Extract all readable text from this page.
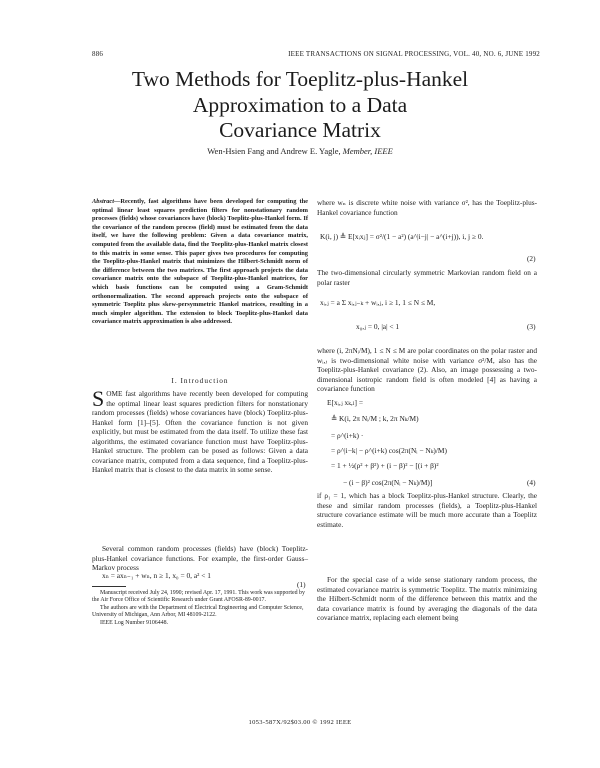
886	IEEE TRANSACTIONS ON SIGNAL PROCESSING, VOL. 40, NO. 6, JUNE 1992
Two Methods for Toeplitz-plus-Hankel
Approximation to a Data
Covariance Matrix
Wen-Hsien Fang and Andrew E. Yagle, Member, IEEE

Abstract—Recently, fast algorithms have been developed for computing the optimal linear least squares prediction filters for nonstationary random processes (fields) whose covariances have (block) Toeplitz-plus-Hankel form. If the covariance of the random process (field) must be estimated from the data itself, we have the following problem: Given a data covariance matrix, computed from the available data, find the Toeplitz-plus-Hankel matrix closest to this matrix in some sense. This paper gives two procedures for computing the Toeplitz-plus-Hankel matrix that minimizes the Hilbert-Schmidt norm of the difference between the two matrices. The first approach projects the data covariance matrix onto the subspace of Toeplitz-plus-Hankel matrices, for which basis functions can be computed using a Gram-Schmidt orthonormalization. The second approach projects onto the subspace of symmetric Toeplitz plus skew-persymmetric Hankel matrices, resulting in a much simpler algorithm. The extension to block Toeplitz-plus-Hankel data covariance matrix approximation is also addressed.

I. Introduction

SOME fast algorithms have recently been developed for computing the optimal linear least squares prediction filters for nonstationary random processes (fields) whose covariances have (block) Toeplitz-plus-Hankel form [1]–[5]. Often the covariance function is not given explicitly, but must be estimated from the data itself. To utilize these fast algorithms, the estimated covariance function must have Toeplitz-plus-Hankel structure. The problem can be posed as follows: Given a data covariance matrix, computed from a data sequence, find a Toeplitz-plus-Hankel matrix that is closest to the data matrix in some sense.

Several common random processes (fields) have (block) Toeplitz-plus-Hankel covariance functions. For example, the first-order Gauss–Markov process

xₙ = axₙ₋₁ + wₙ, n ≥ 1, x₀ = 0, a² < 1
(1)
Manuscript received July 24, 1990; revised Apr. 17, 1991. This work was supported by the Air Force Office of Scientific Research under Grant AFOSR-89-0017.
The authors are with the Department of Electrical Engineering and Computer Science, University of Michigan, Ann Arbor, MI 48109-2122.
IEEE Log Number 9106448.

where wₙ is discrete white noise with variance σ², has the Toeplitz-plus-Hankel covariance function

K(i, j) ≜ E[xᵢxⱼ] = σ²/(1 − a²) (a^|i−j| − a^(i+j)), i, j ≥ 0.
(2)

The two-dimensional circularly symmetric Markovian random field on a polar raster

xᵢ,ⱼ = a Σ xᵢ,ⱼ₋ₖ + wᵢ,ⱼ, i ≥ 1, 1 ≤ N ≤ M,
x₀,ⱼ = 0, |a| < 1	(3)

where (i, 2πNᵢ/M), 1 ≤ N ≤ M are polar coordinates on the polar raster and wᵢ,ⱼ is two-dimensional white noise with variance σ²/M, also has the Toeplitz-plus-Hankel covariance (2). Also, an image possessing a two-dimensional isotropic random field is often modeled [4] as having a covariance function

E[xᵢ,ⱼ xₖ,ₗ] =
≜ K(i, 2π Nᵢ/M ; k, 2π Nₖ/M)
= ρ^(i+k) ·
= ρ^|i−k| − ρ^(i+k) cos(2π(Nᵢ − Nₖ)/M)
= 1 + ½(ρ² + β²) + (i − β)² − [(i + β)²
− (i − β)² cos(2π(Nᵢ − Nₖ)/M)]	(4)

if ρ₁ = 1, which has a block Toeplitz-plus-Hankel structure. Clearly, the these and similar random processes (fields), a Toeplitz-plus-Hankel structure covariance estimate will be much more accurate than a Toeplitz estimate.

For the special case of a wide sense stationary random process, the estimated covariance matrix is symmetric Toeplitz. The matrix minimizing the Hilbert-Schmidt norm of the difference between this matrix and the data covariance matrix is found by averaging the diagonals of the data covariance matrix, replacing each element being

1053-587X/92$03.00 © 1992 IEEE
